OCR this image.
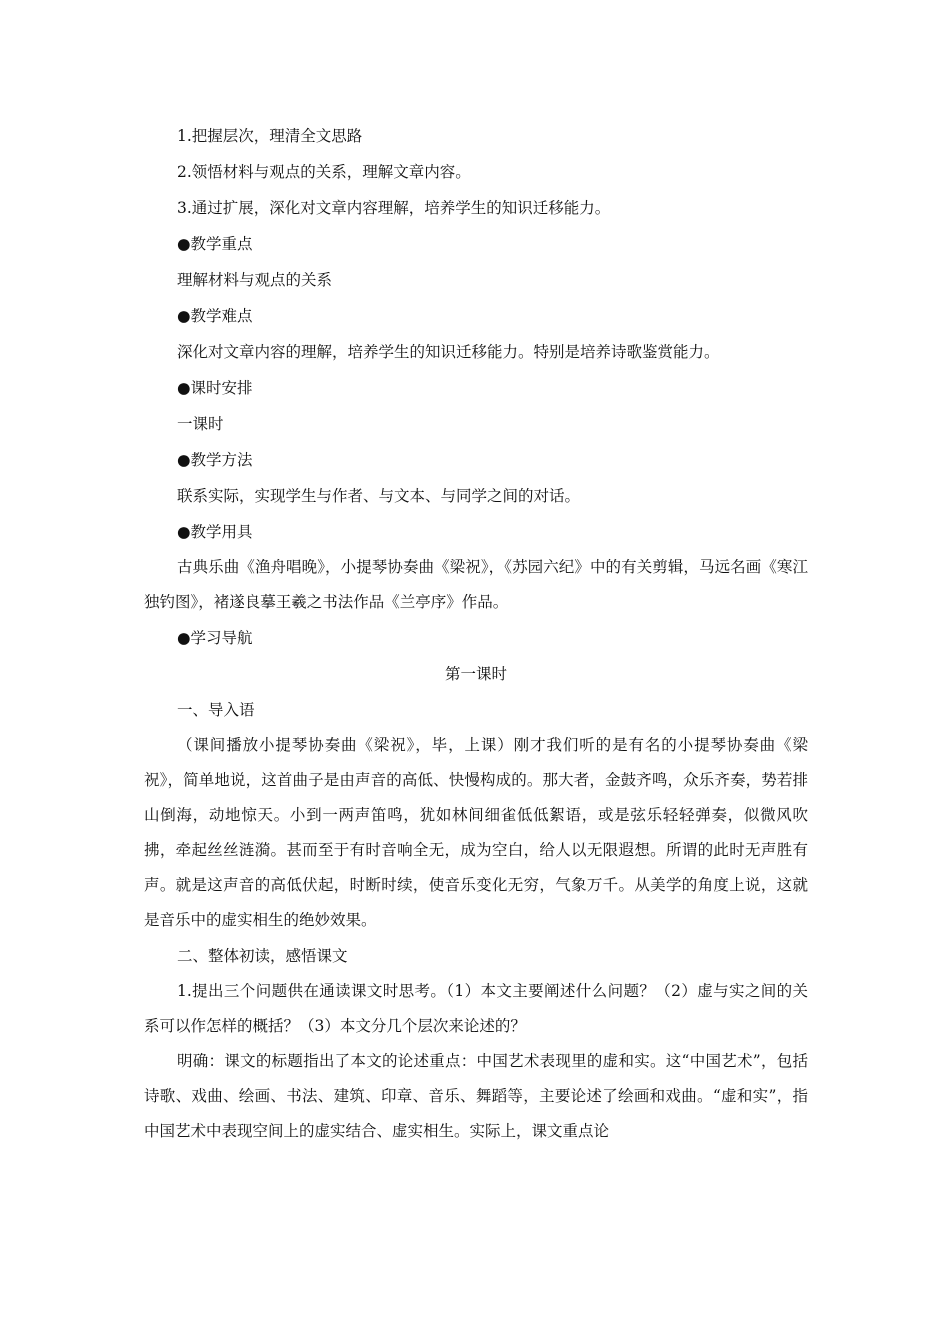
1.把握层次，理清全文思路
2.领悟材料与观点的关系，理解文章内容。
3.通过扩展，深化对文章内容理解，培养学生的知识迁移能力。
●教学重点
理解材料与观点的关系
●教学难点
深化对文章内容的理解，培养学生的知识迁移能力。特别是培养诗歌鉴赏能力。
●课时安排
一课时
●教学方法
联系实际，实现学生与作者、与文本、与同学之间的对话。
●教学用具

古典乐曲《渔舟唱晚》，小提琴协奏曲《梁祝》，《苏园六纪》中的有关剪辑，马远名画《寒江独钓图》，褚遂良摹王羲之书法作品《兰亭序》作品。

●学习导航
第一课时
一、导入语

（课间播放小提琴协奏曲《梁祝》，毕，上课）刚才我们听的是有名的小提琴协奏曲《梁祝》，简单地说，这首曲子是由声音的高低、快慢构成的。那大者，金鼓齐鸣，众乐齐奏，势若排山倒海，动地惊天。小到一两声笛鸣，犹如林间细雀低低絮语，或是弦乐轻轻弹奏，似微风吹拂，牵起丝丝涟漪。甚而至于有时音响全无，成为空白，给人以无限遐想。所谓的此时无声胜有声。就是这声音的高低伏起，时断时续，使音乐变化无穷，气象万千。从美学的角度上说，这就是音乐中的虚实相生的绝妙效果。

二、整体初读，感悟课文

1.提出三个问题供在通读课文时思考。（1）本文主要阐述什么问题？（2）虚与实之间的关系可以作怎样的概括？（3）本文分几个层次来论述的？

明确：课文的标题指出了本文的论述重点：中国艺术表现里的虚和实。这“中国艺术”，包括诗歌、戏曲、绘画、书法、建筑、印章、音乐、舞蹈等，主要论述了绘画和戏曲。“虚和实”，指中国艺术中表现空间上的虚实结合、虚实相生。实际上，课文重点论
